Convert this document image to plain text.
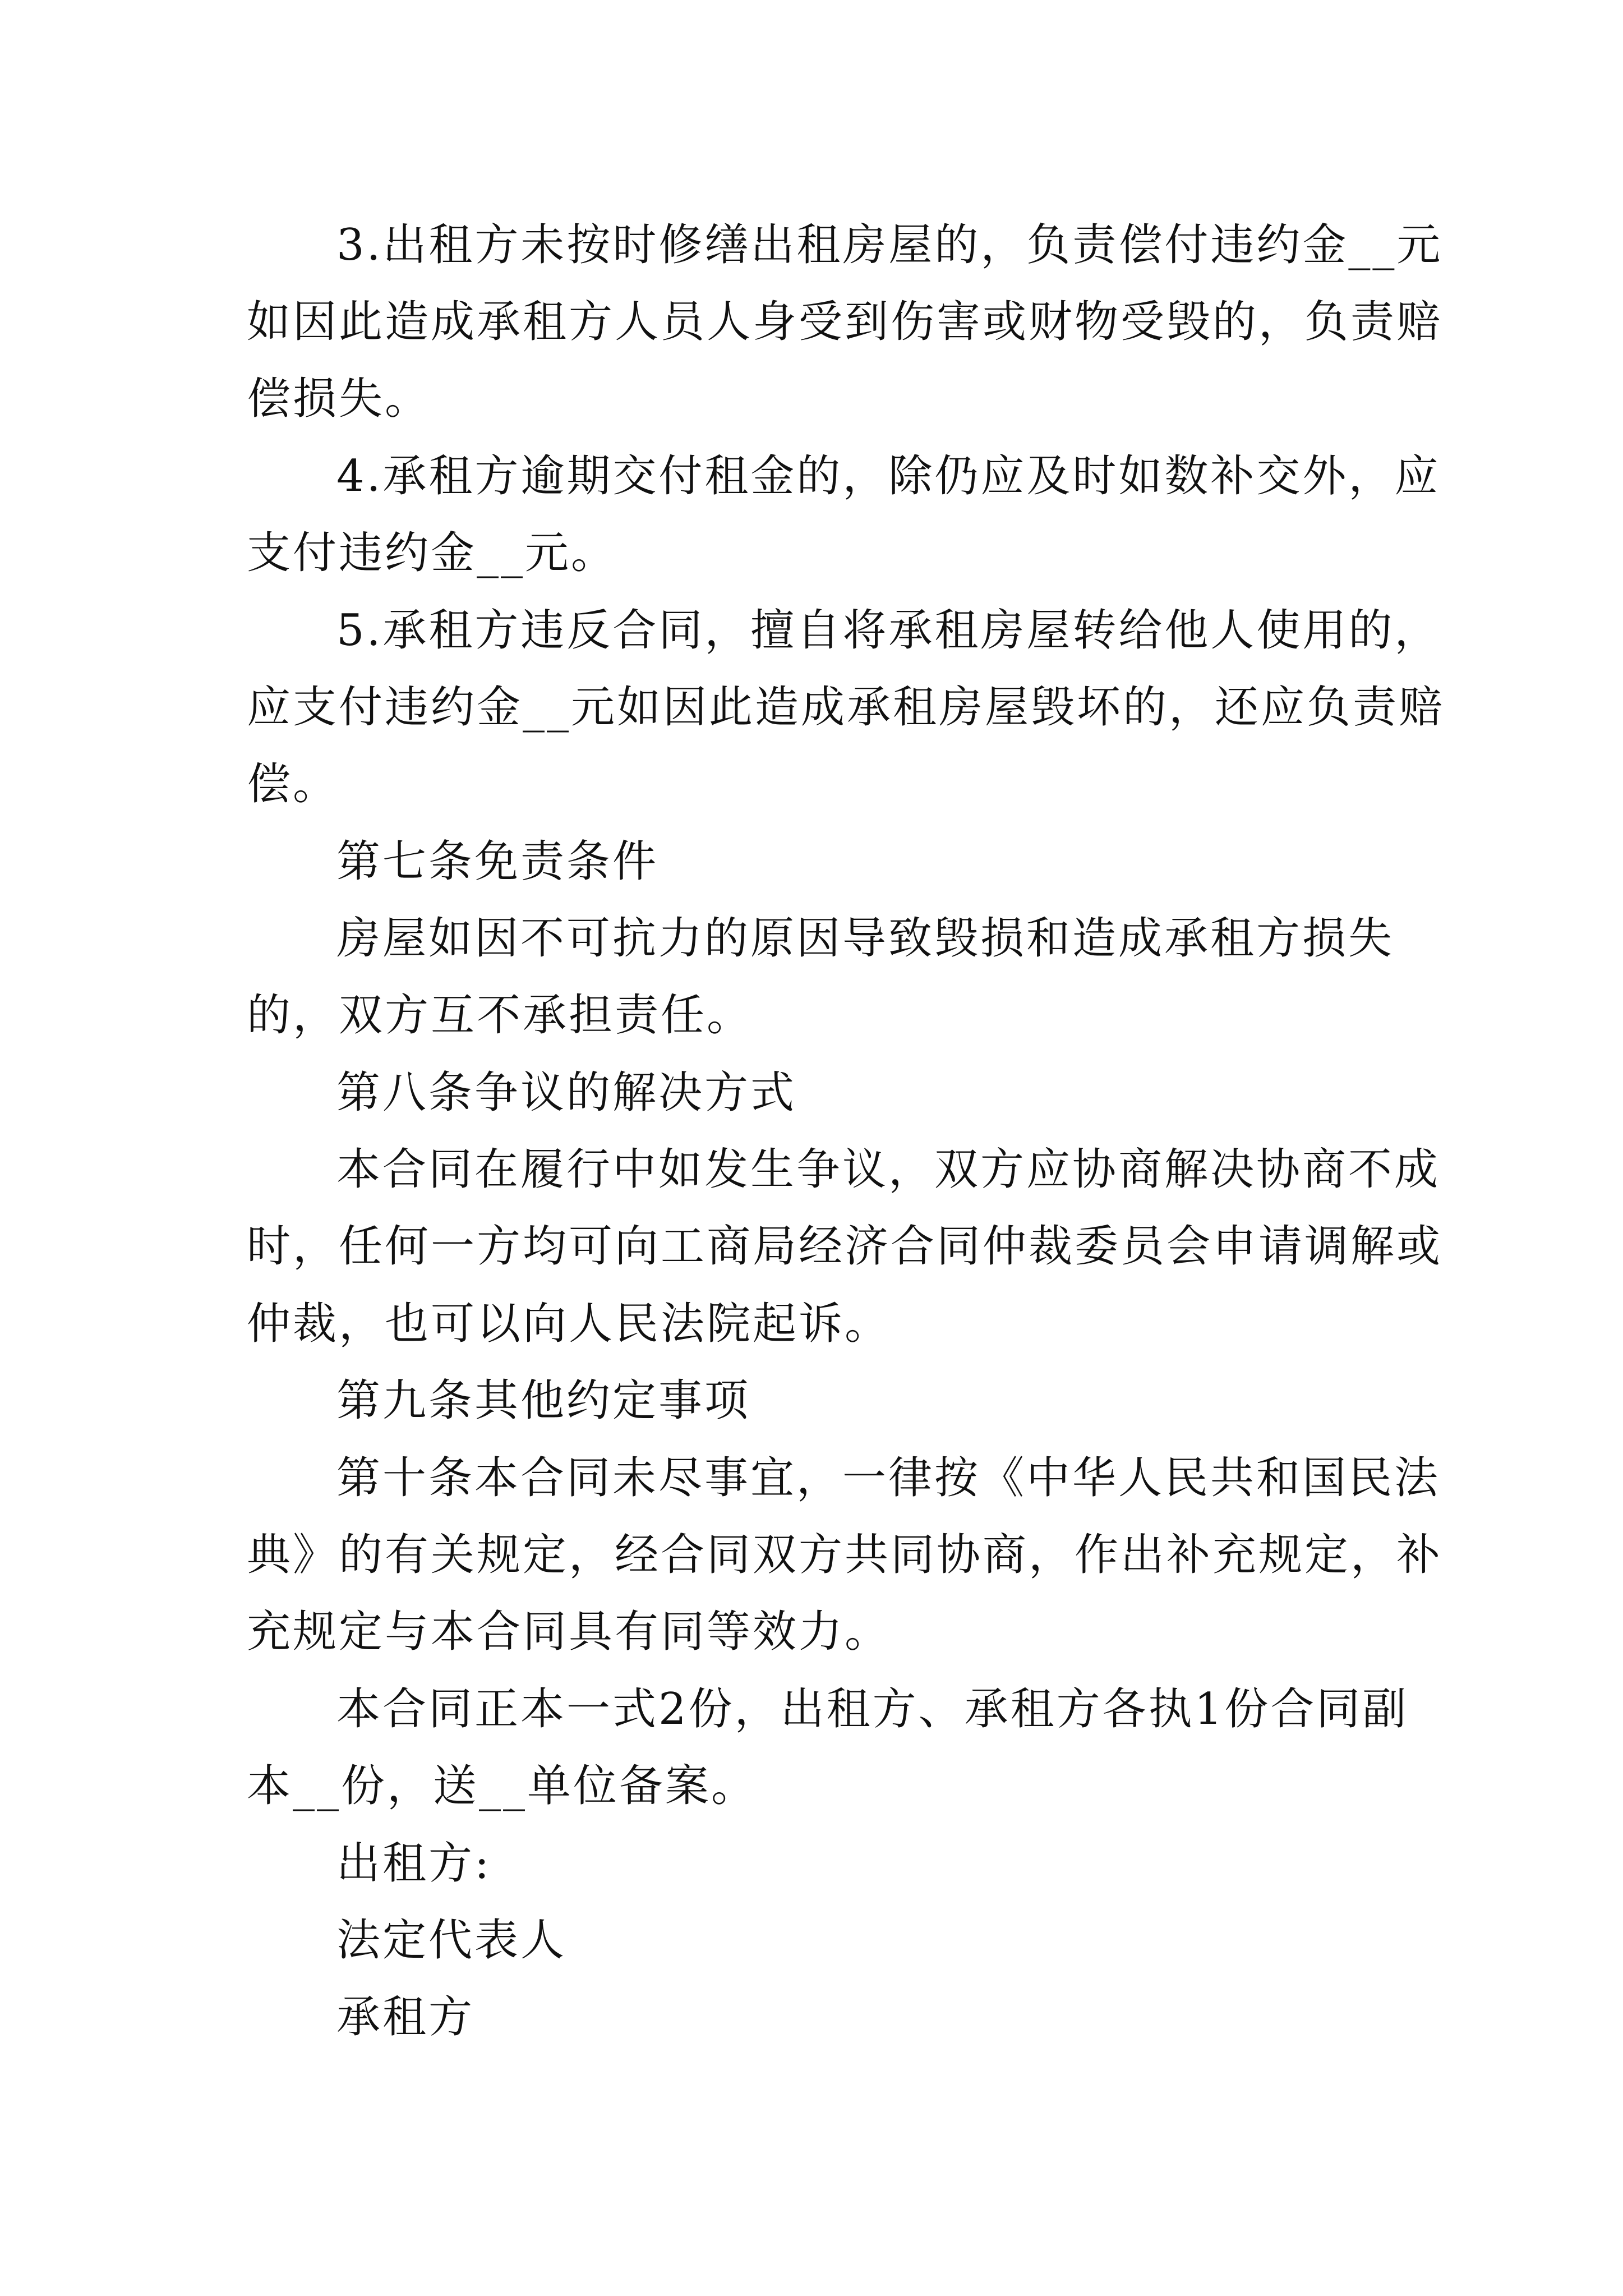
3.出租方未按时修缮出租房屋的，负责偿付违约金__元
如因此造成承租方人员人身受到伤害或财物受毁的，负责赔
偿损失。
4.承租方逾期交付租金的，除仍应及时如数补交外，应
支付违约金__元。
5.承租方违反合同，擅自将承租房屋转给他人使用的，
应支付违约金__元如因此造成承租房屋毁坏的，还应负责赔
偿。
第七条免责条件
房屋如因不可抗力的原因导致毁损和造成承租方损失
的，双方互不承担责任。
第八条争议的解决方式
本合同在履行中如发生争议，双方应协商解决协商不成
时，任何一方均可向工商局经济合同仲裁委员会申请调解或
仲裁，也可以向人民法院起诉。
第九条其他约定事项
第十条本合同未尽事宜，一律按《中华人民共和国民法
典》的有关规定，经合同双方共同协商，作出补充规定，补
充规定与本合同具有同等效力。
本合同正本一式2份，出租方、承租方各执1份合同副
本__份，送__单位备案。
出租方:
法定代表人
承租方
